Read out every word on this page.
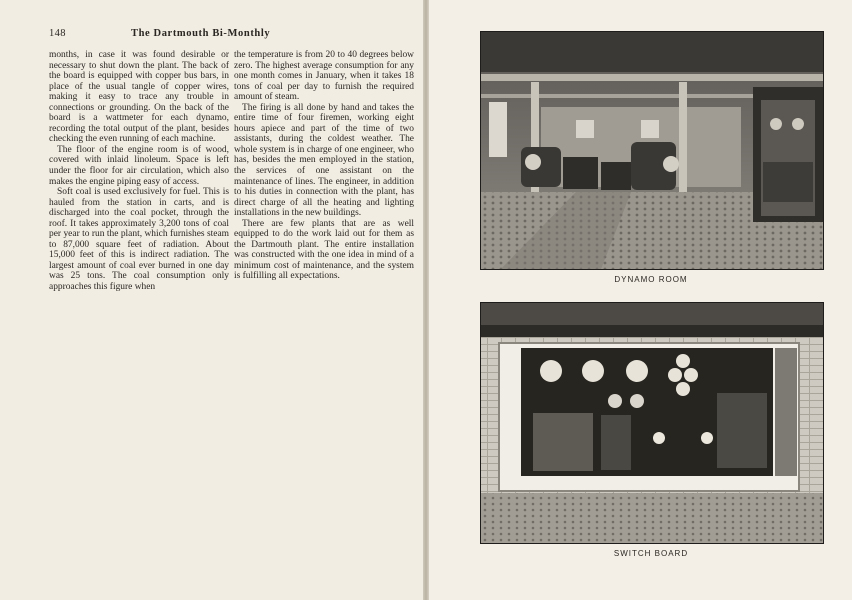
148	The Dartmouth Bi-Monthly

months, in case it was found desirable or necessary to shut down the plant. The back of the board is equipped with copper bus bars, in place of the usual tangle of copper wires, making it easy to trace any trouble in connections or grounding. On the back of the board is a wattmeter for each dynamo, recording the total output of the plant, besides checking the even running of each machine.

The floor of the engine room is of wood, covered with inlaid linoleum. Space is left under the floor for air circulation, which also makes the engine piping easy of access.

Soft coal is used exclusively for fuel. This is hauled from the station in carts, and is discharged into the coal pocket, through the roof. It takes approximately 3,200 tons of coal per year to run the plant, which furnishes steam to 87,000 square feet of radiation. About 15,000 feet of this is indirect radiation. The largest amount of coal ever burned in one day was 25 tons. The coal consumption only approaches this figure when

the temperature is from 20 to 40 degrees below zero. The highest average consumption for any one month comes in January, when it takes 18 tons of coal per day to furnish the required amount of steam.

The firing is all done by hand and takes the entire time of four firemen, working eight hours apiece and part of the time of two assistants, during the coldest weather. The whole system is in charge of one engineer, who has, besides the men employed in the station, the services of one assistant on the maintenance of lines. The engineer, in addition to his duties in connection with the plant, has direct charge of all the heating and lighting installations in the new buildings.

There are few plants that are as well equipped to do the work laid out for them as the Dartmouth plant. The entire installation was constructed with the one idea in mind of a minimum cost of maintenance, and the system is fulfilling all expectations.	DYNAMO ROOM
SWITCH BOARD
